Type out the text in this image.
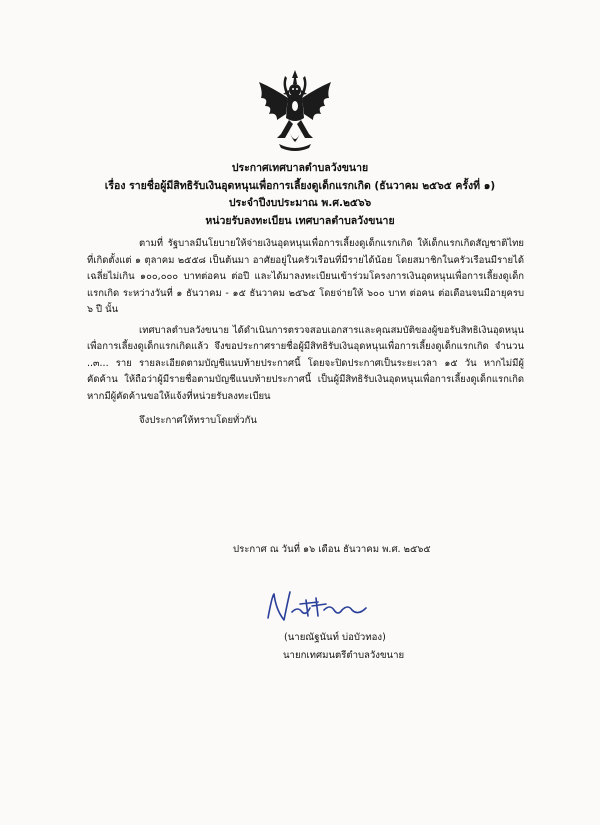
ประกาศเทศบาลตำบลวังขนาย
เรื่อง รายชื่อผู้มีสิทธิรับเงินอุดหนุนเพื่อการเลี้ยงดูเด็กแรกเกิด (ธันวาคม ๒๕๖๕ ครั้งที่ ๑)
ประจำปีงบประมาณ พ.ศ.๒๕๖๖
หน่วยรับลงทะเบียน เทศบาลตำบลวังขนาย

ตามที่ รัฐบาลมีนโยบายให้จ่ายเงินอุดหนุนเพื่อการเลี้ยงดูเด็กแรกเกิด ให้เด็กแรกเกิดสัญชาติไทยที่เกิดตั้งแต่ ๑ ตุลาคม ๒๕๕๘ เป็นต้นมา อาศัยอยู่ในครัวเรือนที่มีรายได้น้อย โดยสมาชิกในครัวเรือนมีรายได้เฉลี่ยไม่เกิน ๑๐๐,๐๐๐ บาทต่อคน ต่อปี และได้มาลงทะเบียนเข้าร่วมโครงการเงินอุดหนุนเพื่อการเลี้ยงดูเด็กแรกเกิด ระหว่างวันที่ ๑ ธันวาคม - ๑๕ ธันวาคม ๒๕๖๕ โดยจ่ายให้ ๖๐๐ บาท ต่อคน ต่อเดือนจนมีอายุครบ ๖ ปี นั้น

เทศบาลตำบลวังขนาย ได้ดำเนินการตรวจสอบเอกสารและคุณสมบัติของผู้ขอรับสิทธิเงินอุดหนุนเพื่อการเลี้ยงดูเด็กแรกเกิดแล้ว จึงขอประกาศรายชื่อผู้มีสิทธิรับเงินอุดหนุนเพื่อการเลี้ยงดูเด็กแรกเกิด จำนวน ..๓... ราย รายละเอียดตามบัญชีแนบท้ายประกาศนี้ โดยจะปิดประกาศเป็นระยะเวลา ๑๕ วัน หากไม่มีผู้คัดค้าน ให้ถือว่าผู้มีรายชื่อตามบัญชีแนบท้ายประกาศนี้ เป็นผู้มีสิทธิรับเงินอุดหนุนเพื่อการเลี้ยงดูเด็กแรกเกิด หากมีผู้คัดค้านขอให้แจ้งที่หน่วยรับลงทะเบียน

จึงประกาศให้ทราบโดยทั่วกัน

ประกาศ ณ วันที่ ๑๖ เดือน ธันวาคม พ.ศ. ๒๕๖๕
(นายณัฐนันท์ บ่อบัวทอง)
นายกเทศมนตรีตำบลวังขนาย
